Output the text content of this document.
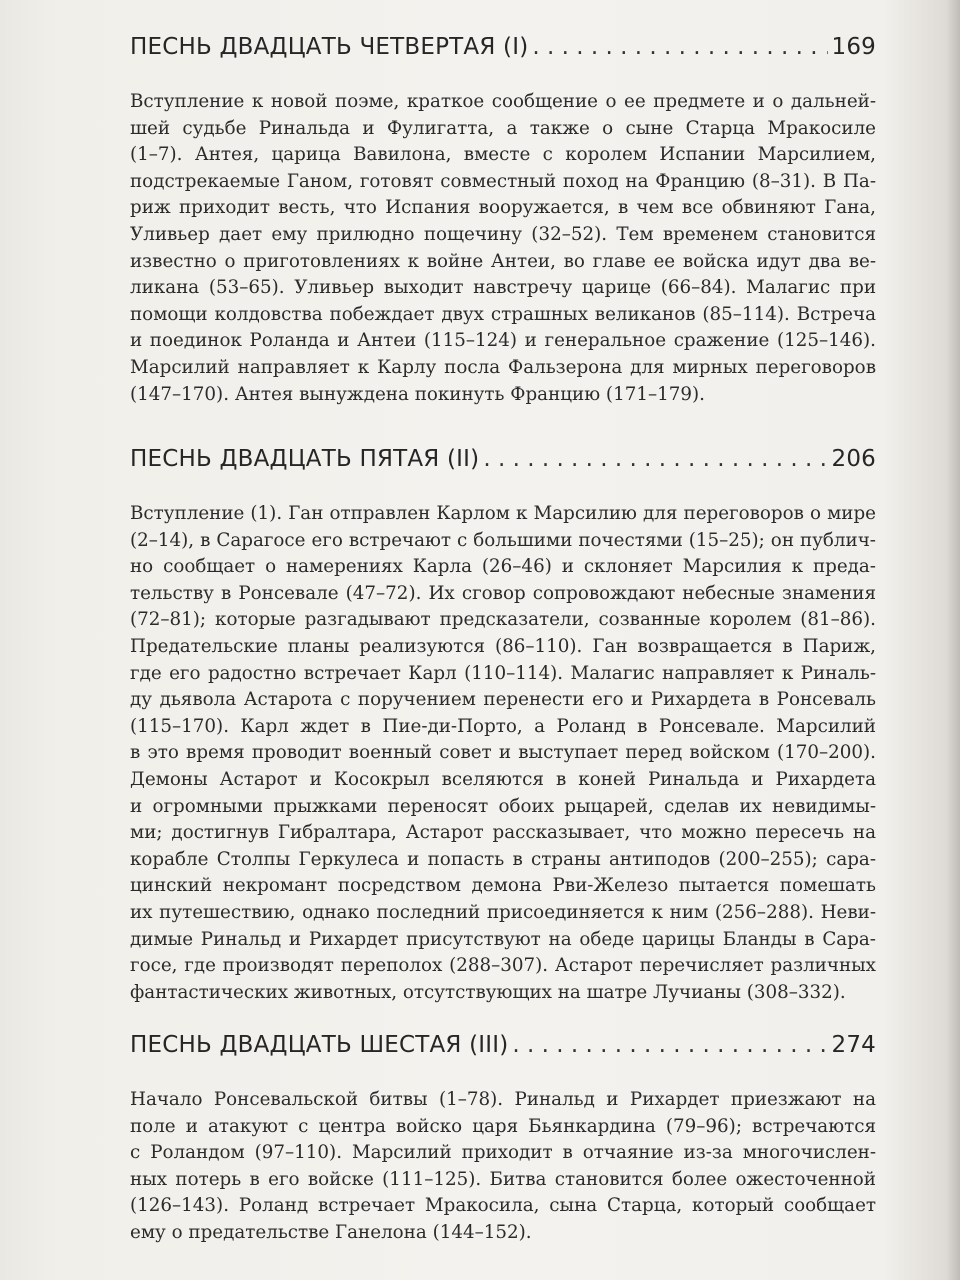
ПЕСНЬ ДВАДЦАТЬ ЧЕТВЕРТАЯ (I) . . .	169
Вступление к новой поэме, краткое сообщение о ее предмете и о дальней-
шей судьбе Ринальда и Фулигатта, а также о сыне Старца Мракосиле
(1–7). Антея, царица Вавилона, вместе с королем Испании Марсилием,
подстрекаемые Ганом, готовят совместный поход на Францию (8–31). В Па-
риж приходит весть, что Испания вооружается, в чем все обвиняют Гана,
Уливьер дает ему прилюдно пощечину (32–52). Тем временем становится
известно о приготовлениях к войне Антеи, во главе ее войска идут два ве-
ликана (53–65). Уливьер выходит навстречу царице (66–84). Малагис при
помощи колдовства побеждает двух страшных великанов (85–114). Встреча
и поединок Роланда и Антеи (115–124) и генеральное сражение (125–146).
Марсилий направляет к Карлу посла Фальзерона для мирных переговоров
(147–170). Антея вынуждена покинуть Францию (171–179).
ПЕСНЬ ДВАДЦАТЬ ПЯТАЯ (II) . . .	206
Вступление (1). Ган отправлен Карлом к Марсилию для переговоров о мире
(2–14), в Сарагосе его встречают с большими почестями (15–25); он публич-
но сообщает о намерениях Карла (26–46) и склоняет Марсилия к преда-
тельству в Ронсевале (47–72). Их сговор сопровождают небесные знамения
(72–81); которые разгадывают предсказатели, созванные королем (81–86).
Предательские планы реализуются (86–110). Ган возвращается в Париж,
где его радостно встречает Карл (110–114). Малагис направляет к Риналь-
ду дьявола Астарота с поручением перенести его и Рихардета в Ронсеваль
(115–170). Карл ждет в Пие-ди-Порто, а Роланд в Ронсевале. Марсилий
в это время проводит военный совет и выступает перед войском (170–200).
Демоны Астарот и Косокрыл вселяются в коней Ринальда и Рихардета
и огромными прыжками переносят обоих рыцарей, сделав их невидимы-
ми; достигнув Гибралтара, Астарот рассказывает, что можно пересечь на
корабле Столпы Геркулеса и попасть в страны антиподов (200–255); сара-
цинский некромант посредством демона Рви-Железо пытается помешать
их путешествию, однако последний присоединяется к ним (256–288). Неви-
димые Ринальд и Рихардет присутствуют на обеде царицы Бланды в Сара-
госе, где производят переполох (288–307). Астарот перечисляет различных
фантастических животных, отсутствующих на шатре Лучианы (308–332).
ПЕСНЬ ДВАДЦАТЬ ШЕСТАЯ (III) . . .	274
Начало Ронсевальской битвы (1–78). Ринальд и Рихардет приезжают на
поле и атакуют с центра войско царя Бьянкардина (79–96); встречаются
с Роландом (97–110). Марсилий приходит в отчаяние из-за многочислен-
ных потерь в его войске (111–125). Битва становится более ожесточенной
(126–143). Роланд встречает Мракосила, сына Старца, который сообщает
ему о предательстве Ганелона (144–152).
